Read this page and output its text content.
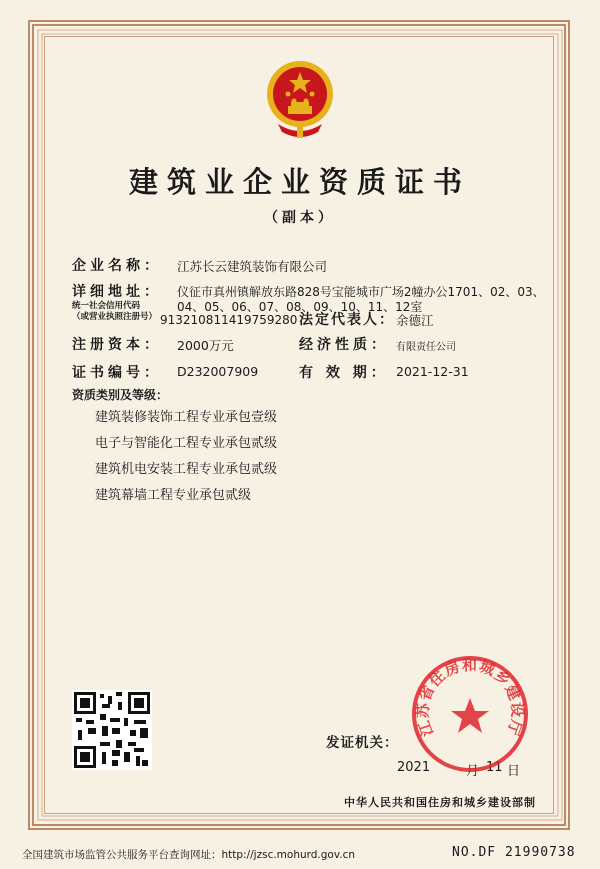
建筑业企业资质证书
（副本）
企业名称： 江苏长云建筑装饰有限公司
详细地址： 仪征市真州镇解放东路828号宝能城市广场2幢办公1701、02、03、
04、05、06、07、08、09、10、11、12室
统一社会信用代码
（或营业执照注册号） 913210811419759280 法定代表人： 余德江
注册资本： 2000万元	经济性质： 有限责任公司
证书编号： D232007909	有 效 期： 2021-12-31
资质类别及等级：
建筑装修装饰工程专业承包壹级
电子与智能化工程专业承包贰级
建筑机电安装工程专业承包贰级
建筑幕墙工程专业承包贰级
发证机关：
2021	月 11 日
江苏省住房和城乡建设厅
中华人民共和国住房和城乡建设部制
全国建筑市场监管公共服务平台查询网址：http://jzsc.mohurd.gov.cn	NO.DF 21990738
